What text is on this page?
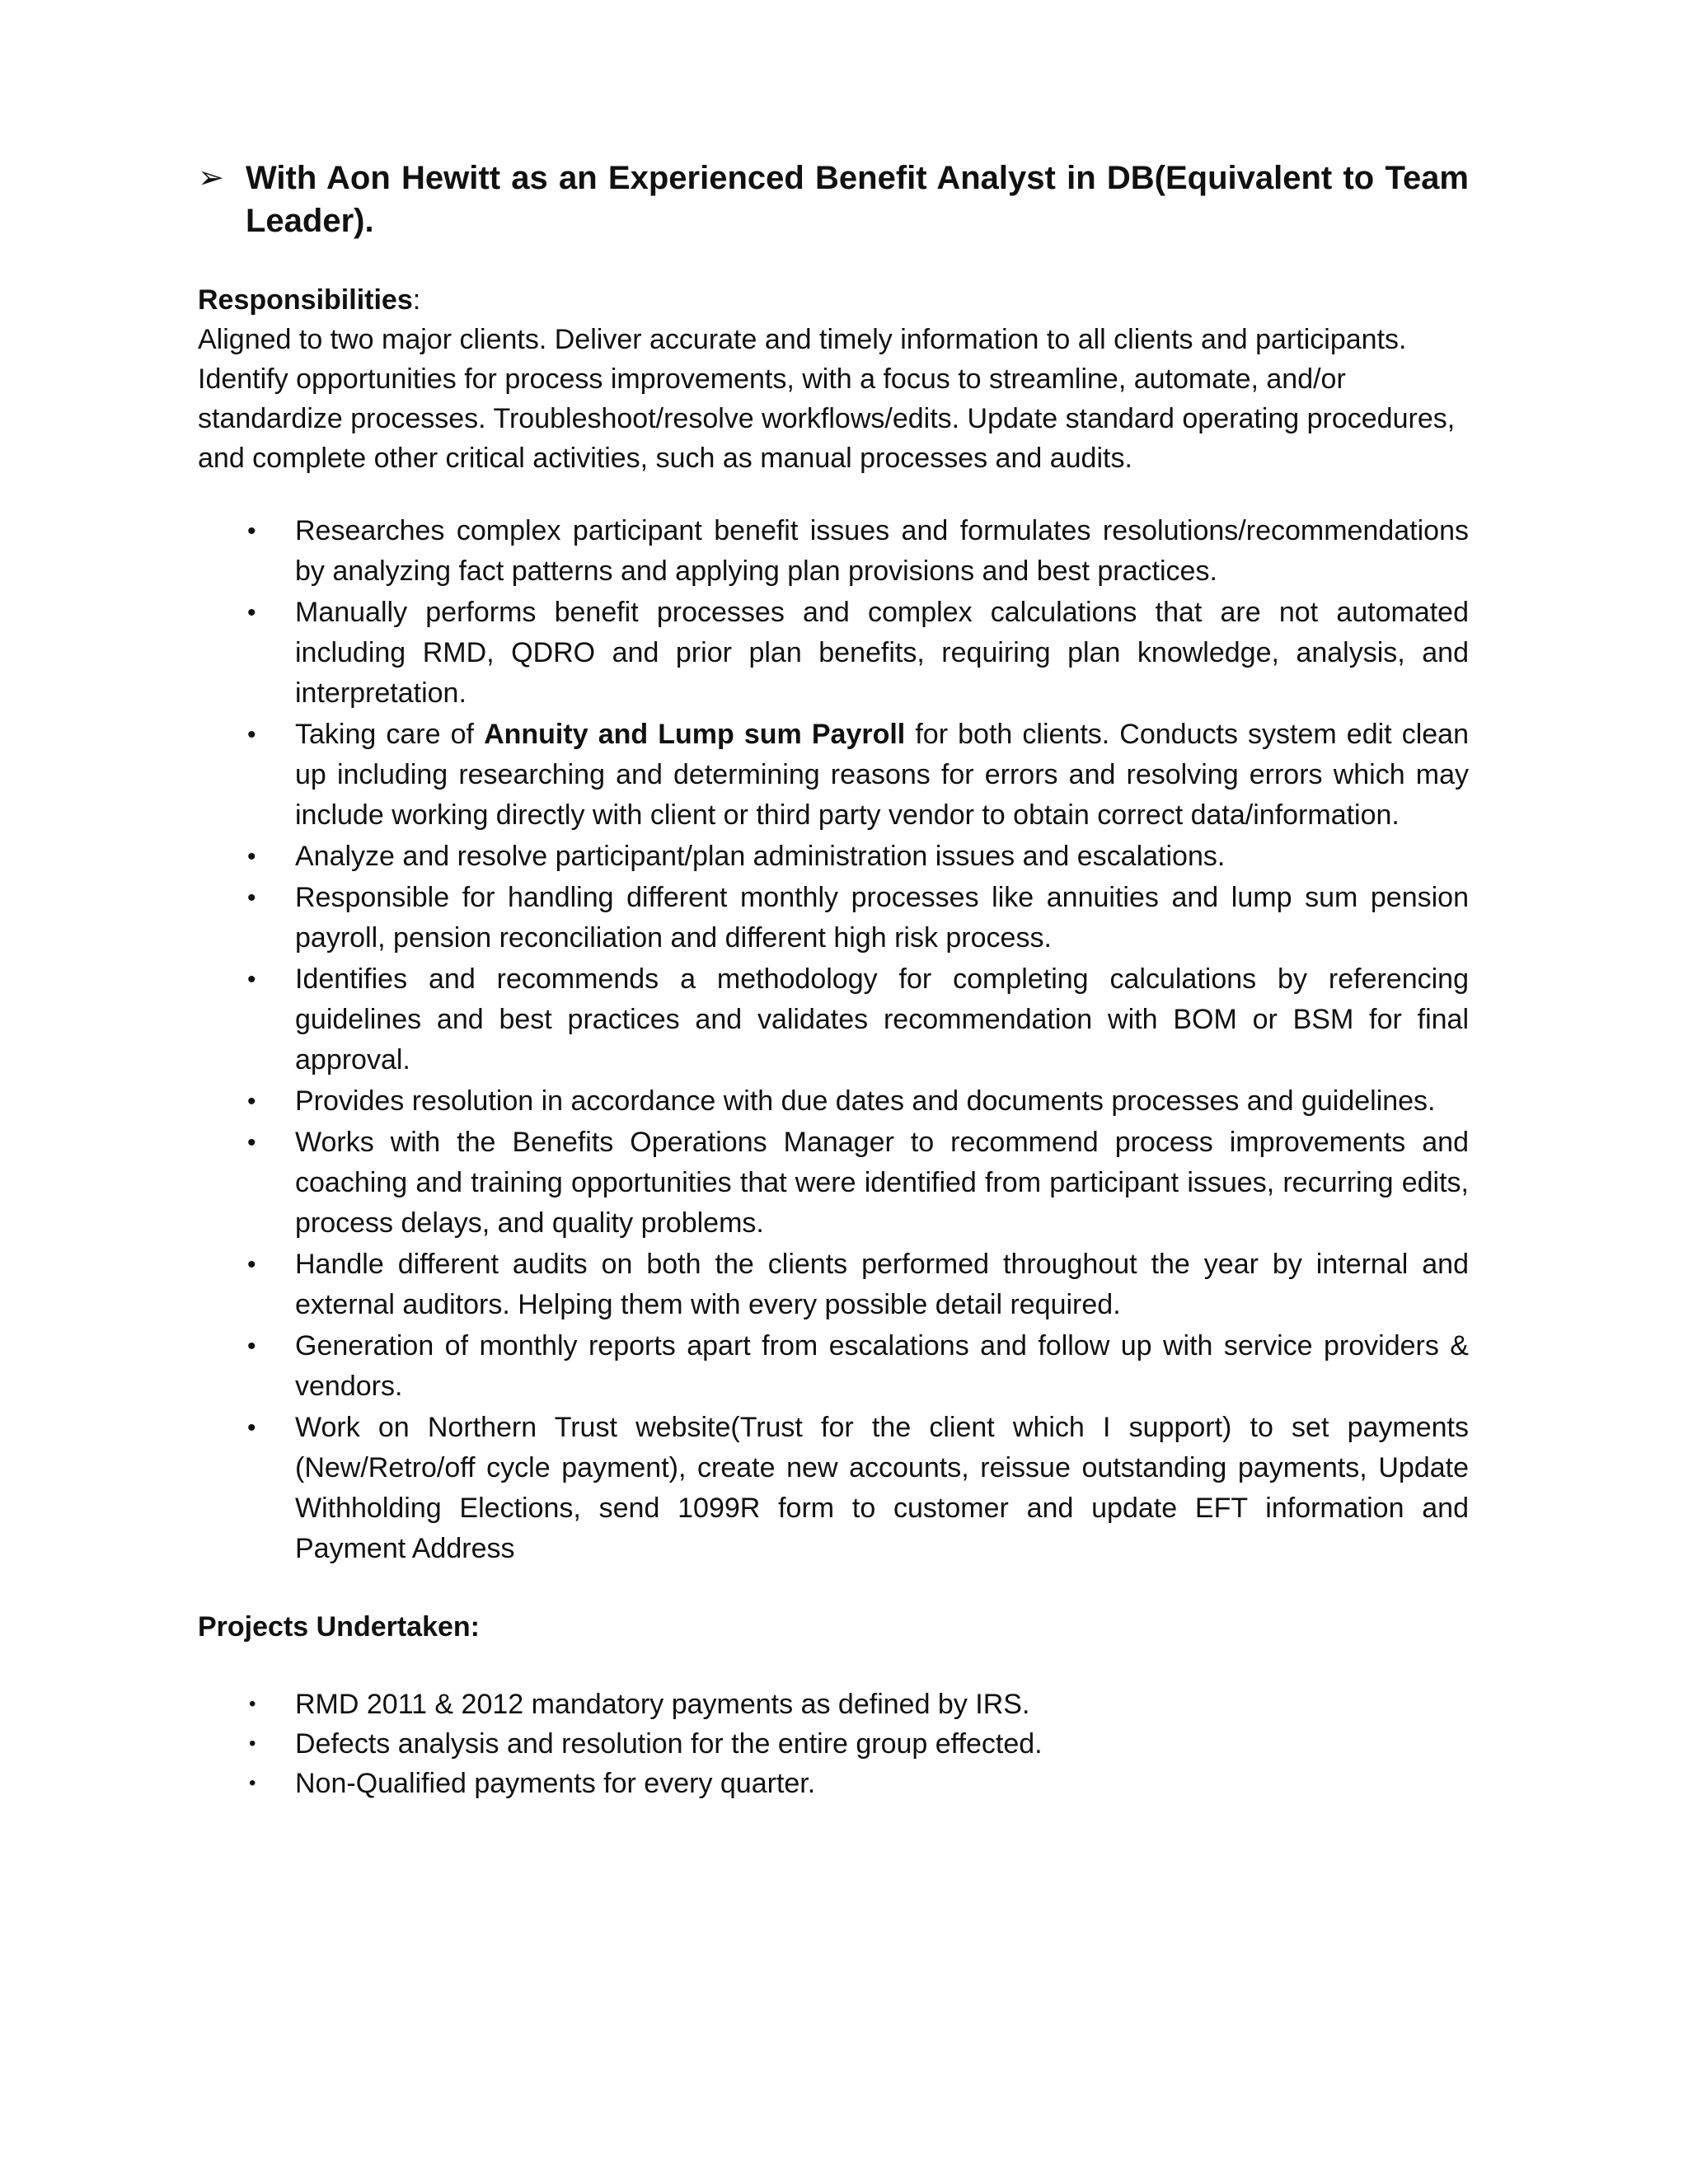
➢ With Aon Hewitt as an Experienced Benefit Analyst in DB(Equivalent to Team Leader).
Responsibilities:

Aligned to two major clients. Deliver accurate and timely information to all clients and participants. Identify opportunities for process improvements, with a focus to streamline, automate, and/or standardize processes. Troubleshoot/resolve workflows/edits. Update standard operating procedures, and complete other critical activities, such as manual processes and audits.

• Researches complex participant benefit issues and formulates resolutions/recommendations by analyzing fact patterns and applying plan provisions and best practices.
• Manually performs benefit processes and complex calculations that are not automated including RMD, QDRO and prior plan benefits, requiring plan knowledge, analysis, and interpretation.
• Taking care of Annuity and Lump sum Payroll for both clients. Conducts system edit clean up including researching and determining reasons for errors and resolving errors which may include working directly with client or third party vendor to obtain correct data/information.
• Analyze and resolve participant/plan administration issues and escalations.
• Responsible for handling different monthly processes like annuities and lump sum pension payroll, pension reconciliation and different high risk process.
• Identifies and recommends a methodology for completing calculations by referencing guidelines and best practices and validates recommendation with BOM or BSM for final approval.
• Provides resolution in accordance with due dates and documents processes and guidelines.
• Works with the Benefits Operations Manager to recommend process improvements and coaching and training opportunities that were identified from participant issues, recurring edits, process delays, and quality problems.
• Handle different audits on both the clients performed throughout the year by internal and external auditors. Helping them with every possible detail required.
• Generation of monthly reports apart from escalations and follow up with service providers & vendors.
• Work on Northern Trust website(Trust for the client which I support) to set payments (New/Retro/off cycle payment), create new accounts, reissue outstanding payments, Update Withholding Elections, send 1099R form to customer and update EFT information and Payment Address
Projects Undertaken:
• RMD 2011 & 2012 mandatory payments as defined by IRS.
• Defects analysis and resolution for the entire group effected.
• Non-Qualified payments for every quarter.
